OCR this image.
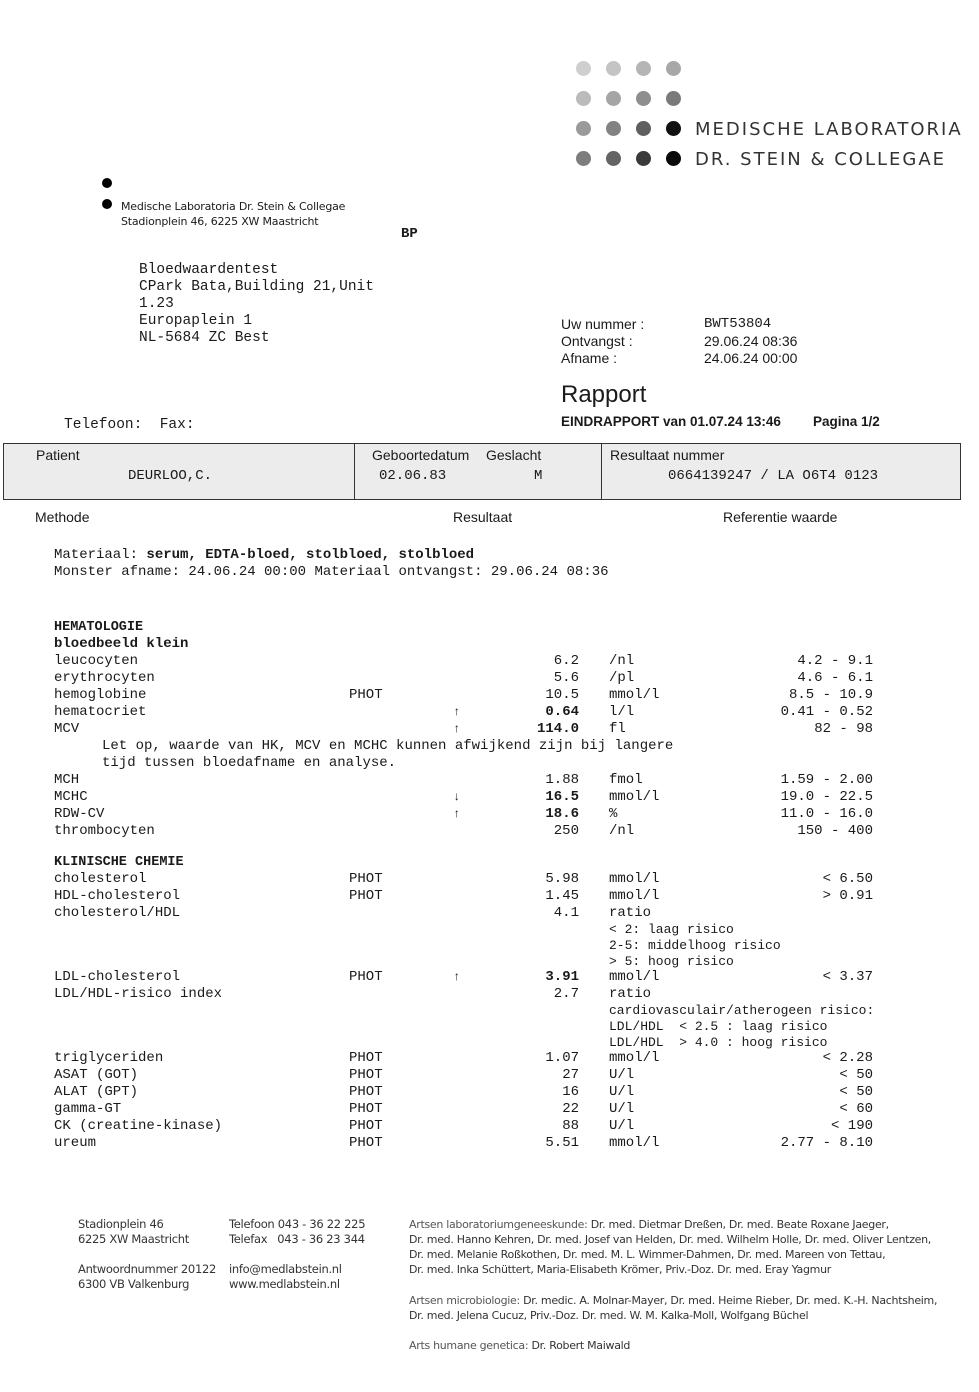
MEDISCHE LABORATORIA
DR. STEIN & COLLEGAE
Medische Laboratoria Dr. Stein & Collegae
Stadionplein 46, 6225 XW Maastricht
BP
Bloedwaardentest
CPark Bata,Building 21,Unit
1.23
Europaplein 1
NL-5684 ZC Best
Telefoon:  Fax:
Uw nummer :	BWT53804
Ontvangst :	29.06.24 08:36
Afname :	24.06.24 00:00
Rapport
EINDRAPPORT van 01.07.24 13:46 Pagina 1/2
Patient
DEURLOO,C.
Geboortedatum
02.06.83
Geslacht
M
Resultaat nummer
0664139247 / LA O6T4 0123
Methode	Resultaat	Referentie waarde
Materiaal: serum, EDTA-bloed, stolbloed, stolbloed
Monster afname: 24.06.24 00:00 Materiaal ontvangst: 29.06.24 08:36
HEMATOLOGIE
bloedbeeld klein
leucocyten	6.2 /nl	4.2 - 9.1
erythrocyten	5.6 /pl	4.6 - 6.1
hemoglobine	PHOT	10.5 mmol/l	8.5 - 10.9
hematocriet	↑	0.64 l/l	0.41 - 0.52
MCV	↑	114.0 fl	82 - 98
Let op, waarde van HK, MCV en MCHC kunnen afwijkend zijn bij langere
tijd tussen bloedafname en analyse.
MCH	1.88 fmol	1.59 - 2.00
MCHC	↓	16.5 mmol/l	19.0 - 22.5
RDW-CV	↑	18.6 %	11.0 - 16.0
thrombocyten	250 /nl	150 - 400
KLINISCHE CHEMIE
cholesterol	PHOT	5.98 mmol/l	< 6.50
HDL-cholesterol	PHOT	1.45 mmol/l	> 0.91
cholesterol/HDL	4.1 ratio
< 2: laag risico
2-5: middelhoog risico
> 5: hoog risico
LDL-cholesterol	PHOT	↑	3.91 mmol/l	< 3.37
LDL/HDL-risico index	2.7 ratio
cardiovasculair/atherogeen risico:
LDL/HDL  < 2.5 : laag risico
LDL/HDL  > 4.0 : hoog risico
triglyceriden	PHOT	1.07 mmol/l	< 2.28
ASAT (GOT)	PHOT	27 U/l	< 50
ALAT (GPT)	PHOT	16 U/l	< 50
gamma-GT	PHOT	22 U/l	< 60
CK (creatine-kinase)	PHOT	88 U/l	< 190
ureum	PHOT	5.51 mmol/l	2.77 - 8.10
Stadionplein 46
6225 XW Maastricht
Antwoordnummer 20122
6300 VB Valkenburg
Telefoon 043 - 36 22 225
Telefax   043 - 36 23 344
info@medlabstein.nl
www.medlabstein.nl
Artsen laboratoriumgeneeskunde: Dr. med. Dietmar Dreßen, Dr. med. Beate Roxane Jaeger,
Dr. med. Hanno Kehren, Dr. med. Josef van Helden, Dr. med. Wilhelm Holle, Dr. med. Oliver Lentzen,
Dr. med. Melanie Roßkothen, Dr. med. M. L. Wimmer-Dahmen, Dr. med. Mareen von Tettau,
Dr. med. Inka Schüttert, Maria-Elisabeth Krömer, Priv.-Doz. Dr. med. Eray Yagmur
Artsen microbiologie: Dr. medic. A. Molnar-Mayer, Dr. med. Heime Rieber, Dr. med. K.-H. Nachtsheim,
Dr. med. Jelena Cucuz, Priv.-Doz. Dr. med. W. M. Kalka-Moll, Wolfgang Büchel
Arts humane genetica: Dr. Robert Maiwald
